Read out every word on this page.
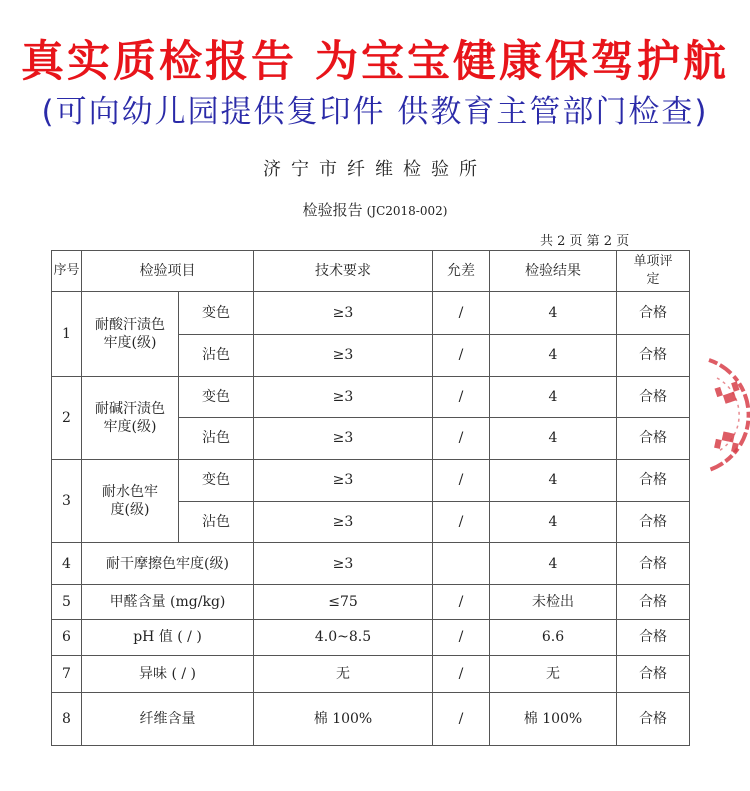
真实质检报告 为宝宝健康保驾护航
(可向幼儿园提供复印件 供教育主管部门检查)
济宁市纤维检验所
检验报告 (JC2018-002)
共 2 页 第 2 页
序号	检验项目		技术要求	允差	检验结果	单项评定
1	耐酸汗渍色牢度(级)	变色	≥3	/	4	合格
		沾色	≥3	/	4	合格
2	耐碱汗渍色牢度(级)	变色	≥3	/	4	合格
		沾色	≥3	/	4	合格
3	耐水色牢度(级)	变色	≥3	/	4	合格
		沾色	≥3	/	4	合格
4	耐干摩擦色牢度(级)		≥3		4	合格
5	甲醛含量 (mg/kg)		≤75	/	未检出	合格
6	pH 值 ( / )		4.0~8.5	/	6.6	合格
7	异味 ( / )		无	/	无	合格
8	纤维含量		棉 100%	/	棉 100%	合格
▚▞
▞▚
